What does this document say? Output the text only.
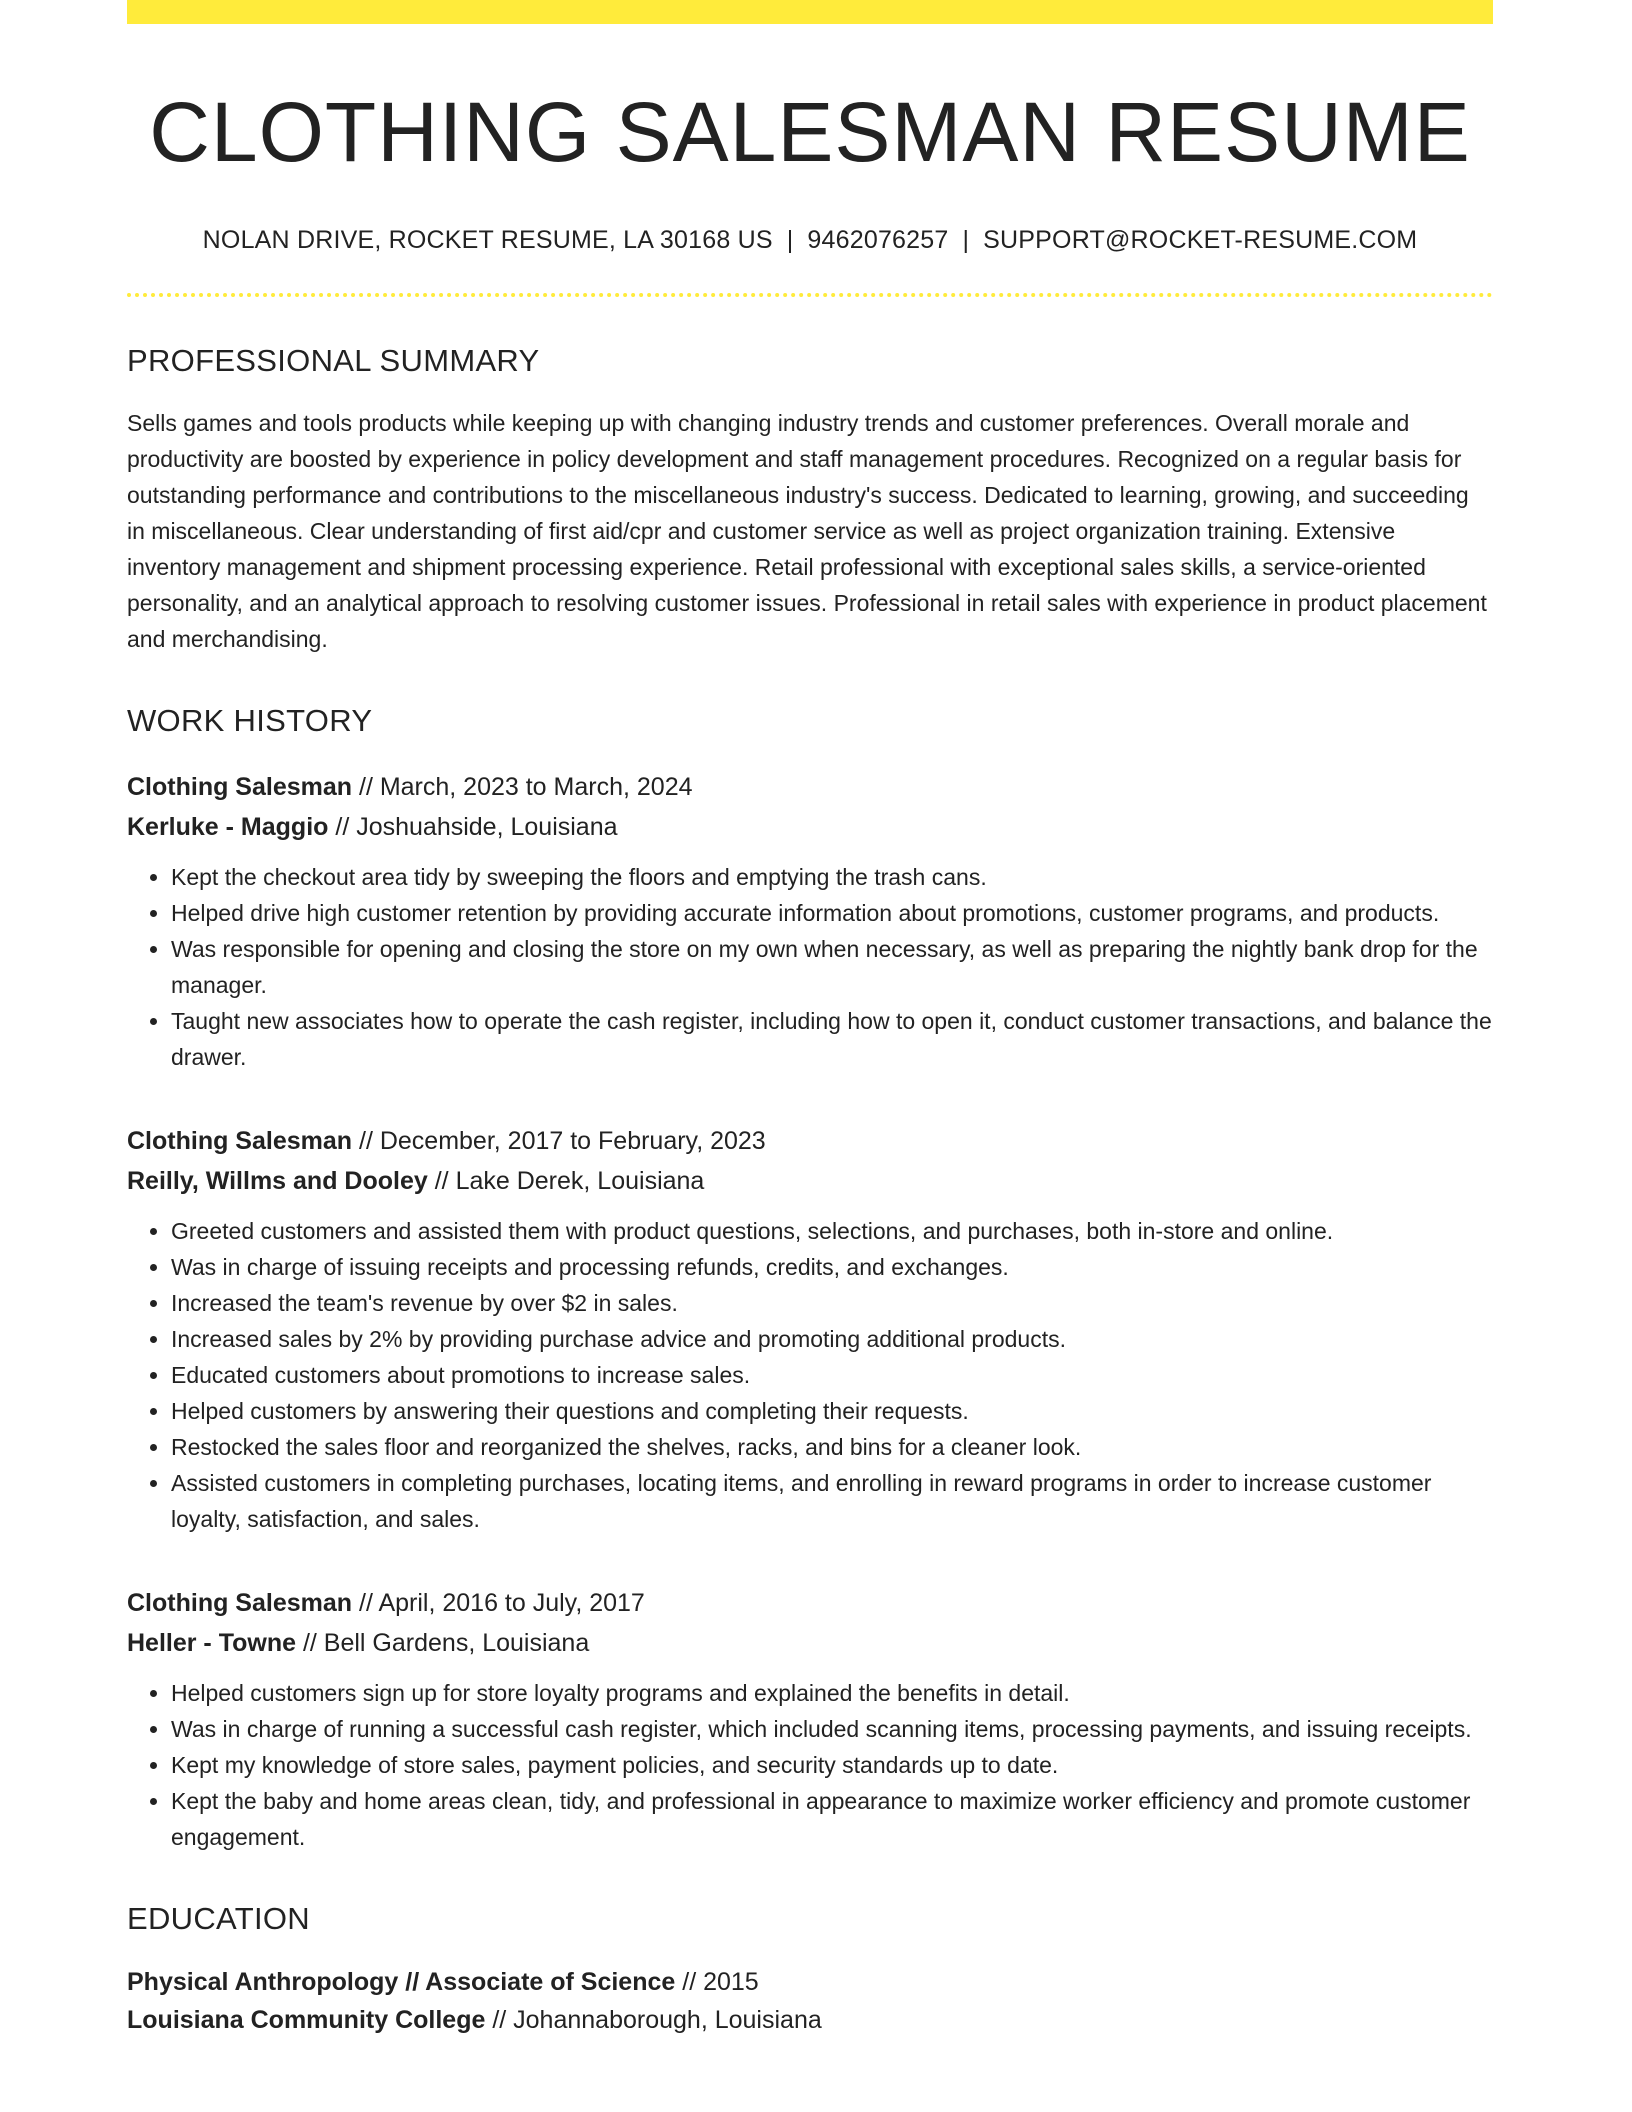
CLOTHING SALESMAN RESUME
NOLAN DRIVE, ROCKET RESUME, LA 30168 US | 9462076257 | SUPPORT@ROCKET-RESUME.COM
PROFESSIONAL SUMMARY
Sells games and tools products while keeping up with changing industry trends and customer preferences. Overall morale and productivity are boosted by experience in policy development and staff management procedures. Recognized on a regular basis for outstanding performance and contributions to the miscellaneous industry's success. Dedicated to learning, growing, and succeeding in miscellaneous. Clear understanding of first aid/cpr and customer service as well as project organization training. Extensive inventory management and shipment processing experience. Retail professional with exceptional sales skills, a service-oriented personality, and an analytical approach to resolving customer issues. Professional in retail sales with experience in product placement and merchandising.
WORK HISTORY
Clothing Salesman // March, 2023 to March, 2024
Kerluke - Maggio // Joshuahside, Louisiana
• Kept the checkout area tidy by sweeping the floors and emptying the trash cans.
• Helped drive high customer retention by providing accurate information about promotions, customer programs, and products.
• Was responsible for opening and closing the store on my own when necessary, as well as preparing the nightly bank drop for the manager.
• Taught new associates how to operate the cash register, including how to open it, conduct customer transactions, and balance the drawer.
Clothing Salesman // December, 2017 to February, 2023
Reilly, Willms and Dooley // Lake Derek, Louisiana
• Greeted customers and assisted them with product questions, selections, and purchases, both in-store and online.
• Was in charge of issuing receipts and processing refunds, credits, and exchanges.
• Increased the team's revenue by over $2 in sales.
• Increased sales by 2% by providing purchase advice and promoting additional products.
• Educated customers about promotions to increase sales.
• Helped customers by answering their questions and completing their requests.
• Restocked the sales floor and reorganized the shelves, racks, and bins for a cleaner look.
• Assisted customers in completing purchases, locating items, and enrolling in reward programs in order to increase customer loyalty, satisfaction, and sales.
Clothing Salesman // April, 2016 to July, 2017
Heller - Towne // Bell Gardens, Louisiana
• Helped customers sign up for store loyalty programs and explained the benefits in detail.
• Was in charge of running a successful cash register, which included scanning items, processing payments, and issuing receipts.
• Kept my knowledge of store sales, payment policies, and security standards up to date.
• Kept the baby and home areas clean, tidy, and professional in appearance to maximize worker efficiency and promote customer engagement.
EDUCATION
Physical Anthropology // Associate of Science // 2015
Louisiana Community College // Johannaborough, Louisiana
